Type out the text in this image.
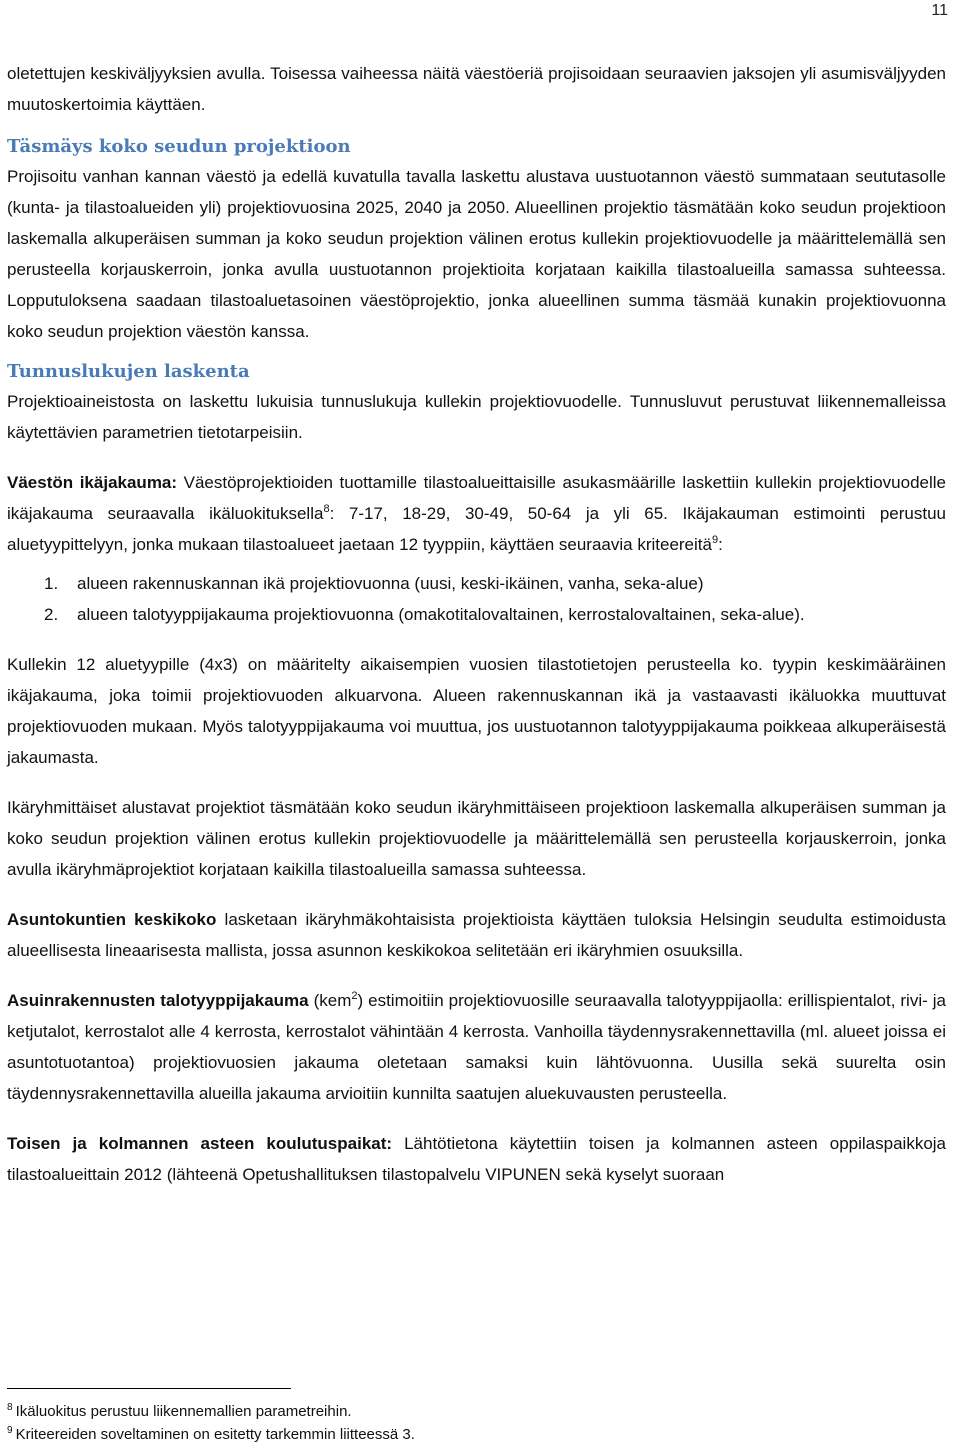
11

oletettujen keskiväljyyksien avulla. Toisessa vaiheessa näitä väestöeriä projisoidaan seuraavien jaksojen yli asumisväljyyden muutoskertoimia käyttäen.

Täsmäys koko seudun projektioon

Projisoitu vanhan kannan väestö ja edellä kuvatulla tavalla laskettu alustava uustuotannon väestö summataan seututasolle (kunta- ja tilastoalueiden yli) projektiovuosina 2025, 2040 ja 2050. Alueellinen projektio täsmätään koko seudun projektioon laskemalla alkuperäisen summan ja koko seudun projektion välinen erotus kullekin projektiovuodelle ja määrittelemällä sen perusteella korjauskerroin, jonka avulla uustuotannon projektioita korjataan kaikilla tilastoalueilla samassa suhteessa. Lopputuloksena saadaan tilastoaluetasoinen väestöprojektio, jonka alueellinen summa täsmää kunakin projektiovuonna koko seudun projektion väestön kanssa.

Tunnuslukujen laskenta

Projektioaineistosta on laskettu lukuisia tunnuslukuja kullekin projektiovuodelle. Tunnusluvut perustuvat liikennemalleissa käytettävien parametrien tietotarpeisiin.

Väestön ikäjakauma: Väestöprojektioiden tuottamille tilastoalueittaisille asukasmäärille laskettiin kullekin projektiovuodelle ikäjakauma seuraavalla ikäluokituksella$^8$: 7-17, 18-29, 30-49, 50-64 ja yli 65. Ikäjakauman estimointi perustuu aluetyypittelyyn, jonka mukaan tilastoalueet jaetaan 12 tyyppiin, käyttäen seuraavia kriteereitä$^9$:

1.	alueen rakennuskannan ikä projektiovuonna (uusi, keski-ikäinen, vanha, seka-alue)
2.	alueen talotyyppijakauma projektiovuonna (omakotitalovaltainen, kerrostalovaltainen, seka-alue).

Kullekin 12 aluetyypille (4x3) on määritelty aikaisempien vuosien tilastotietojen perusteella ko. tyypin keskimääräinen ikäjakauma, joka toimii projektiovuoden alkuarvona. Alueen rakennuskannan ikä ja vastaavasti ikäluokka muuttuvat projektiovuoden mukaan. Myös talotyyppijakauma voi muuttua, jos uustuotannon talotyyppijakauma poikkeaa alkuperäisestä jakaumasta.

Ikäryhmittäiset alustavat projektiot täsmätään koko seudun ikäryhmittäiseen projektioon laskemalla alkuperäisen summan ja koko seudun projektion välinen erotus kullekin projektiovuodelle ja määrittelemällä sen perusteella korjauskerroin, jonka avulla ikäryhmäprojektiot korjataan kaikilla tilastoalueilla samassa suhteessa.

Asuntokuntien keskikoko lasketaan ikäryhmäkohtaisista projektioista käyttäen tuloksia Helsingin seudulta estimoidusta alueellisesta lineaarisesta mallista, jossa asunnon keskikokoa selitetään eri ikäryhmien osuuksilla.

Asuinrakennusten talotyyppijakauma (kem$^2$) estimoitiin projektiovuosille seuraavalla talotyyppijaolla: erillispientalot, rivi- ja ketjutalot, kerrostalot alle 4 kerrosta, kerrostalot vähintään 4 kerrosta. Vanhoilla täydennysrakennettavilla (ml. alueet joissa ei asuntotuotantoa) projektiovuosien jakauma oletetaan samaksi kuin lähtövuonna. Uusilla sekä suurelta osin täydennysrakennettavilla alueilla jakauma arvioitiin kunnilta saatujen aluekuvausten perusteella.

Toisen ja kolmannen asteen koulutuspaikat: Lähtötietona käytettiin toisen ja kolmannen asteen oppilaspaikkoja tilastoalueittain 2012 (lähteenä Opetushallituksen tilastopalvelu VIPUNEN sekä kyselyt suoraan

$^8$ Ikäluokitus perustuu liikennemallien parametreihin.
$^9$ Kriteereiden soveltaminen on esitetty tarkemmin liitteessä 3.
